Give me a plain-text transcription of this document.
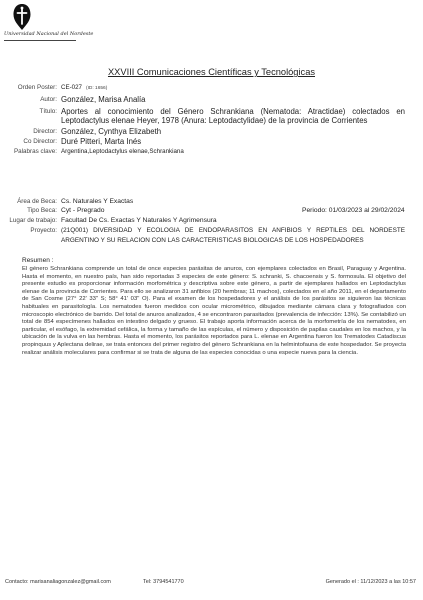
Universidad Nacional del Nordeste
XXVIII Comunicaciones Científicas y Tecnológicas
Orden Poster: CE-027 (ID: 1656)
Autor: González, Marisa Analía
Título: Aportes al conocimiento del Género Schrankiana (Nematoda: Atractidae) colectados en Leptodactylus elenae Heyer, 1978 (Anura: Leptodactylidae) de la provincia de Corrientes
Director: González, Cynthya Elizabeth
Co Director: Duré Pitteri, Marta Inés
Palabras clave: Argentina,Leptodactylus elenae,Schrankiana
Área de Beca: Cs. Naturales Y Exactas
Tipo Beca: Cyt - Pregrado	Periodo: 01/03/2023 al 29/02/2024
Lugar de trabajo: Facultad De Cs. Exactas Y Naturales Y Agrimensura
Proyecto: (21Q001) DIVERSIDAD Y ECOLOGIA DE ENDOPARASITOS EN ANFIBIOS Y REPTILES DEL NORDESTE ARGENTINO Y SU RELACION CON LAS CARACTERISTICAS BIOLOGICAS DE LOS HOSPEDADORES
Resumen :
El género Schrankiana comprende un total de once especies parásitas de anuros, con ejemplares colectados en Brasil, Paraguay y Argentina. Hasta el momento, en nuestro país, han sido reportadas 3 especies de este género: S. schranki, S. chacoensis y S. formosula. El objetivo del presente estudio es proporcionar información morfométrica y descriptiva sobre este género, a partir de ejemplares hallados en Leptodactylus elenae de la provincia de Corrientes. Para ello se analizaron 31 anfibios (20 hembras; 11 machos), colectados en el año 2011, en el departamento de San Cosme (27° 22' 33" S; 58° 41' 03" O). Para el examen de los hospedadores y el análisis de los parásitos se siguieron las técnicas habituales en parasitología. Los nematodes fueron medidos con ocular micrométrico, dibujados mediante cámara clara y fotografiados con microscopio electrónico de barrido. Del total de anuros analizados, 4 se encontraron parasitados (prevalencia de infección: 13%). Se contabilizó un total de 854 especímenes hallados en intestino delgado y grueso. El trabajo aporta información acerca de la morfometría de los nematodes, en particular, el esófago, la extremidad cefálica, la forma y tamaño de las espículas, el número y disposición de papilas caudales en los machos, y la ubicación de la vulva en las hembras. Hasta el momento, los parásitos reportados para L. elenae en Argentina fueron los Trematodes Catadiscus propinquus y Aplectana delirae, se trata entonces del primer registro del género Schrankiana en la helmintofauna de este hospedador. Se proyecta realizar análisis moleculares para confirmar si se trata de alguna de las especies conocidas o una especie nueva para la ciencia.
Contacto: marisanaliagonzalez@gmail.com	Tel: 3794541770	Generado el : 11/12/2023 a las 10:57
